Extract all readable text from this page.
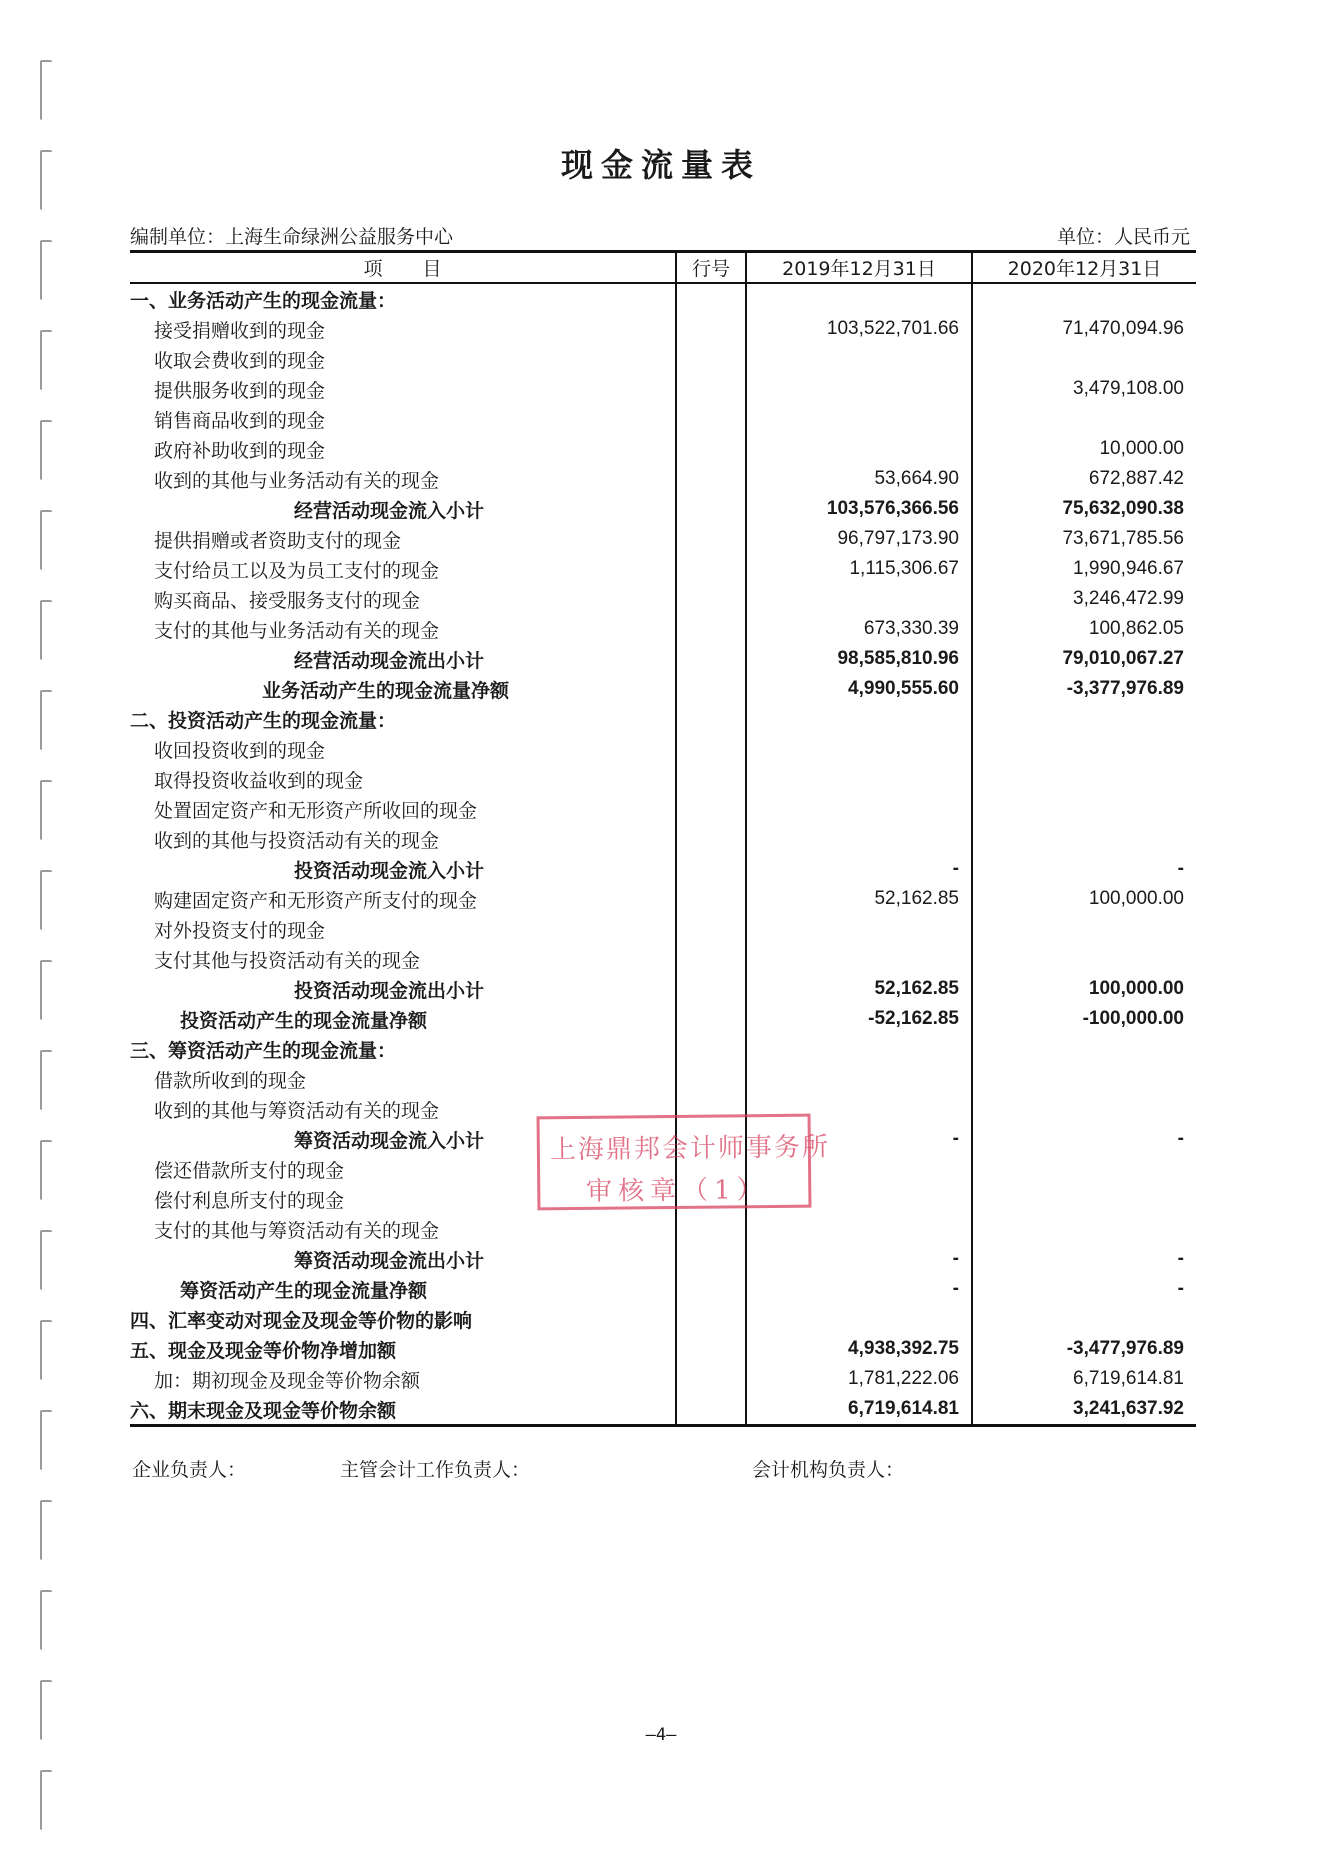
现金流量表
编制单位：上海生命绿洲公益服务中心	单位：人民币元
项目	行号	2019年12月31日	2020年12月31日
一、业务活动产生的现金流量：			
接受捐赠收到的现金		103,522,701.66	71,470,094.96
收取会费收到的现金			
提供服务收到的现金			3,479,108.00
销售商品收到的现金			
政府补助收到的现金			10,000.00
收到的其他与业务活动有关的现金		53,664.90	672,887.42
经营活动现金流入小计		103,576,366.56	75,632,090.38
提供捐赠或者资助支付的现金		96,797,173.90	73,671,785.56
支付给员工以及为员工支付的现金		1,115,306.67	1,990,946.67
购买商品、接受服务支付的现金			3,246,472.99
支付的其他与业务活动有关的现金		673,330.39	100,862.05
经营活动现金流出小计		98,585,810.96	79,010,067.27
业务活动产生的现金流量净额		4,990,555.60	-3,377,976.89
二、投资活动产生的现金流量：			
收回投资收到的现金			
取得投资收益收到的现金			
处置固定资产和无形资产所收回的现金			
收到的其他与投资活动有关的现金			
投资活动现金流入小计		-	-
购建固定资产和无形资产所支付的现金		52,162.85	100,000.00
对外投资支付的现金			
支付其他与投资活动有关的现金			
投资活动现金流出小计		52,162.85	100,000.00
投资活动产生的现金流量净额		-52,162.85	-100,000.00
三、筹资活动产生的现金流量：			
借款所收到的现金			
收到的其他与筹资活动有关的现金			
筹资活动现金流入小计		-	-
偿还借款所支付的现金			
偿付利息所支付的现金			
支付的其他与筹资活动有关的现金			
筹资活动现金流出小计		-	-
筹资活动产生的现金流量净额		-	-
四、汇率变动对现金及现金等价物的影响			
五、现金及现金等价物净增加额		4,938,392.75	-3,477,976.89
加：期初现金及现金等价物余额		1,781,222.06	6,719,614.81
六、期末现金及现金等价物余额		6,719,614.81	3,241,637.92
上海鼎邦会计师事务所
审核章（1）
企业负责人：	主管会计工作负责人：	会计机构负责人：
—4—
